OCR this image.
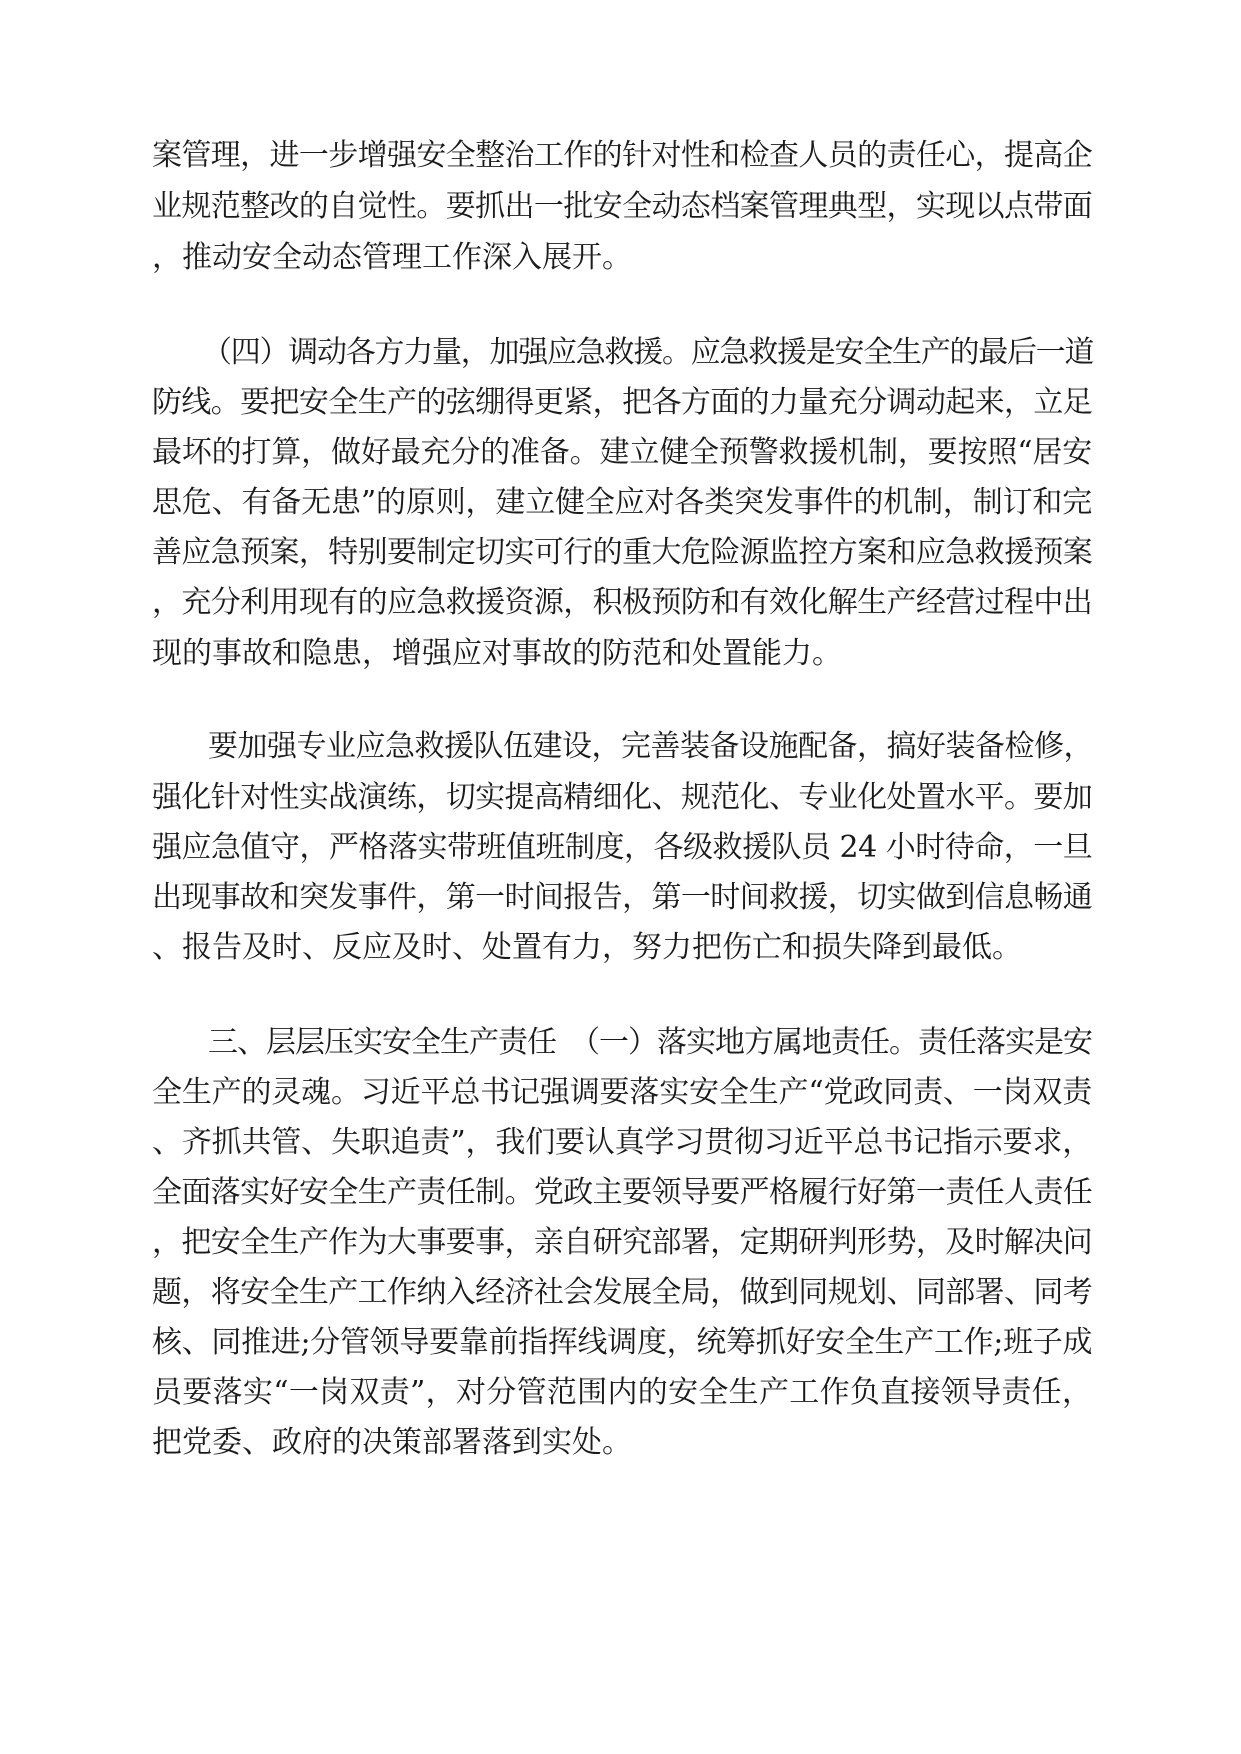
案管理，进一步增强安全整治工作的针对性和检查人员的责任心，提高企
业规范整改的自觉性。要抓出一批安全动态档案管理典型，实现以点带面
，推动安全动态管理工作深入展开。
（四）调动各方力量，加强应急救援。应急救援是安全生产的最后一道
防线。要把安全生产的弦绷得更紧，把各方面的力量充分调动起来，立足
最坏的打算，做好最充分的准备。建立健全预警救援机制，要按照“居安
思危、有备无患”的原则，建立健全应对各类突发事件的机制，制订和完
善应急预案，特别要制定切实可行的重大危险源监控方案和应急救援预案
，充分利用现有的应急救援资源，积极预防和有效化解生产经营过程中出
现的事故和隐患，增强应对事故的防范和处置能力。
要加强专业应急救援队伍建设，完善装备设施配备，搞好装备检修，
强化针对性实战演练，切实提高精细化、规范化、专业化处置水平。要加
强应急值守，严格落实带班值班制度，各级救援队员 24 小时待命，一旦
出现事故和突发事件，第一时间报告，第一时间救援，切实做到信息畅通
、报告及时、反应及时、处置有力，努力把伤亡和损失降到最低。
三、层层压实安全生产责任　（一）落实地方属地责任。责任落实是安
全生产的灵魂。习近平总书记强调要落实安全生产“党政同责、一岗双责
、齐抓共管、失职追责”，我们要认真学习贯彻习近平总书记指示要求，
全面落实好安全生产责任制。党政主要领导要严格履行好第一责任人责任
，把安全生产作为大事要事，亲自研究部署，定期研判形势，及时解决问
题，将安全生产工作纳入经济社会发展全局，做到同规划、同部署、同考
核、同推进;分管领导要靠前指挥线调度，统筹抓好安全生产工作;班子成
员要落实“一岗双责”，对分管范围内的安全生产工作负直接领导责任，
把党委、政府的决策部署落到实处。
